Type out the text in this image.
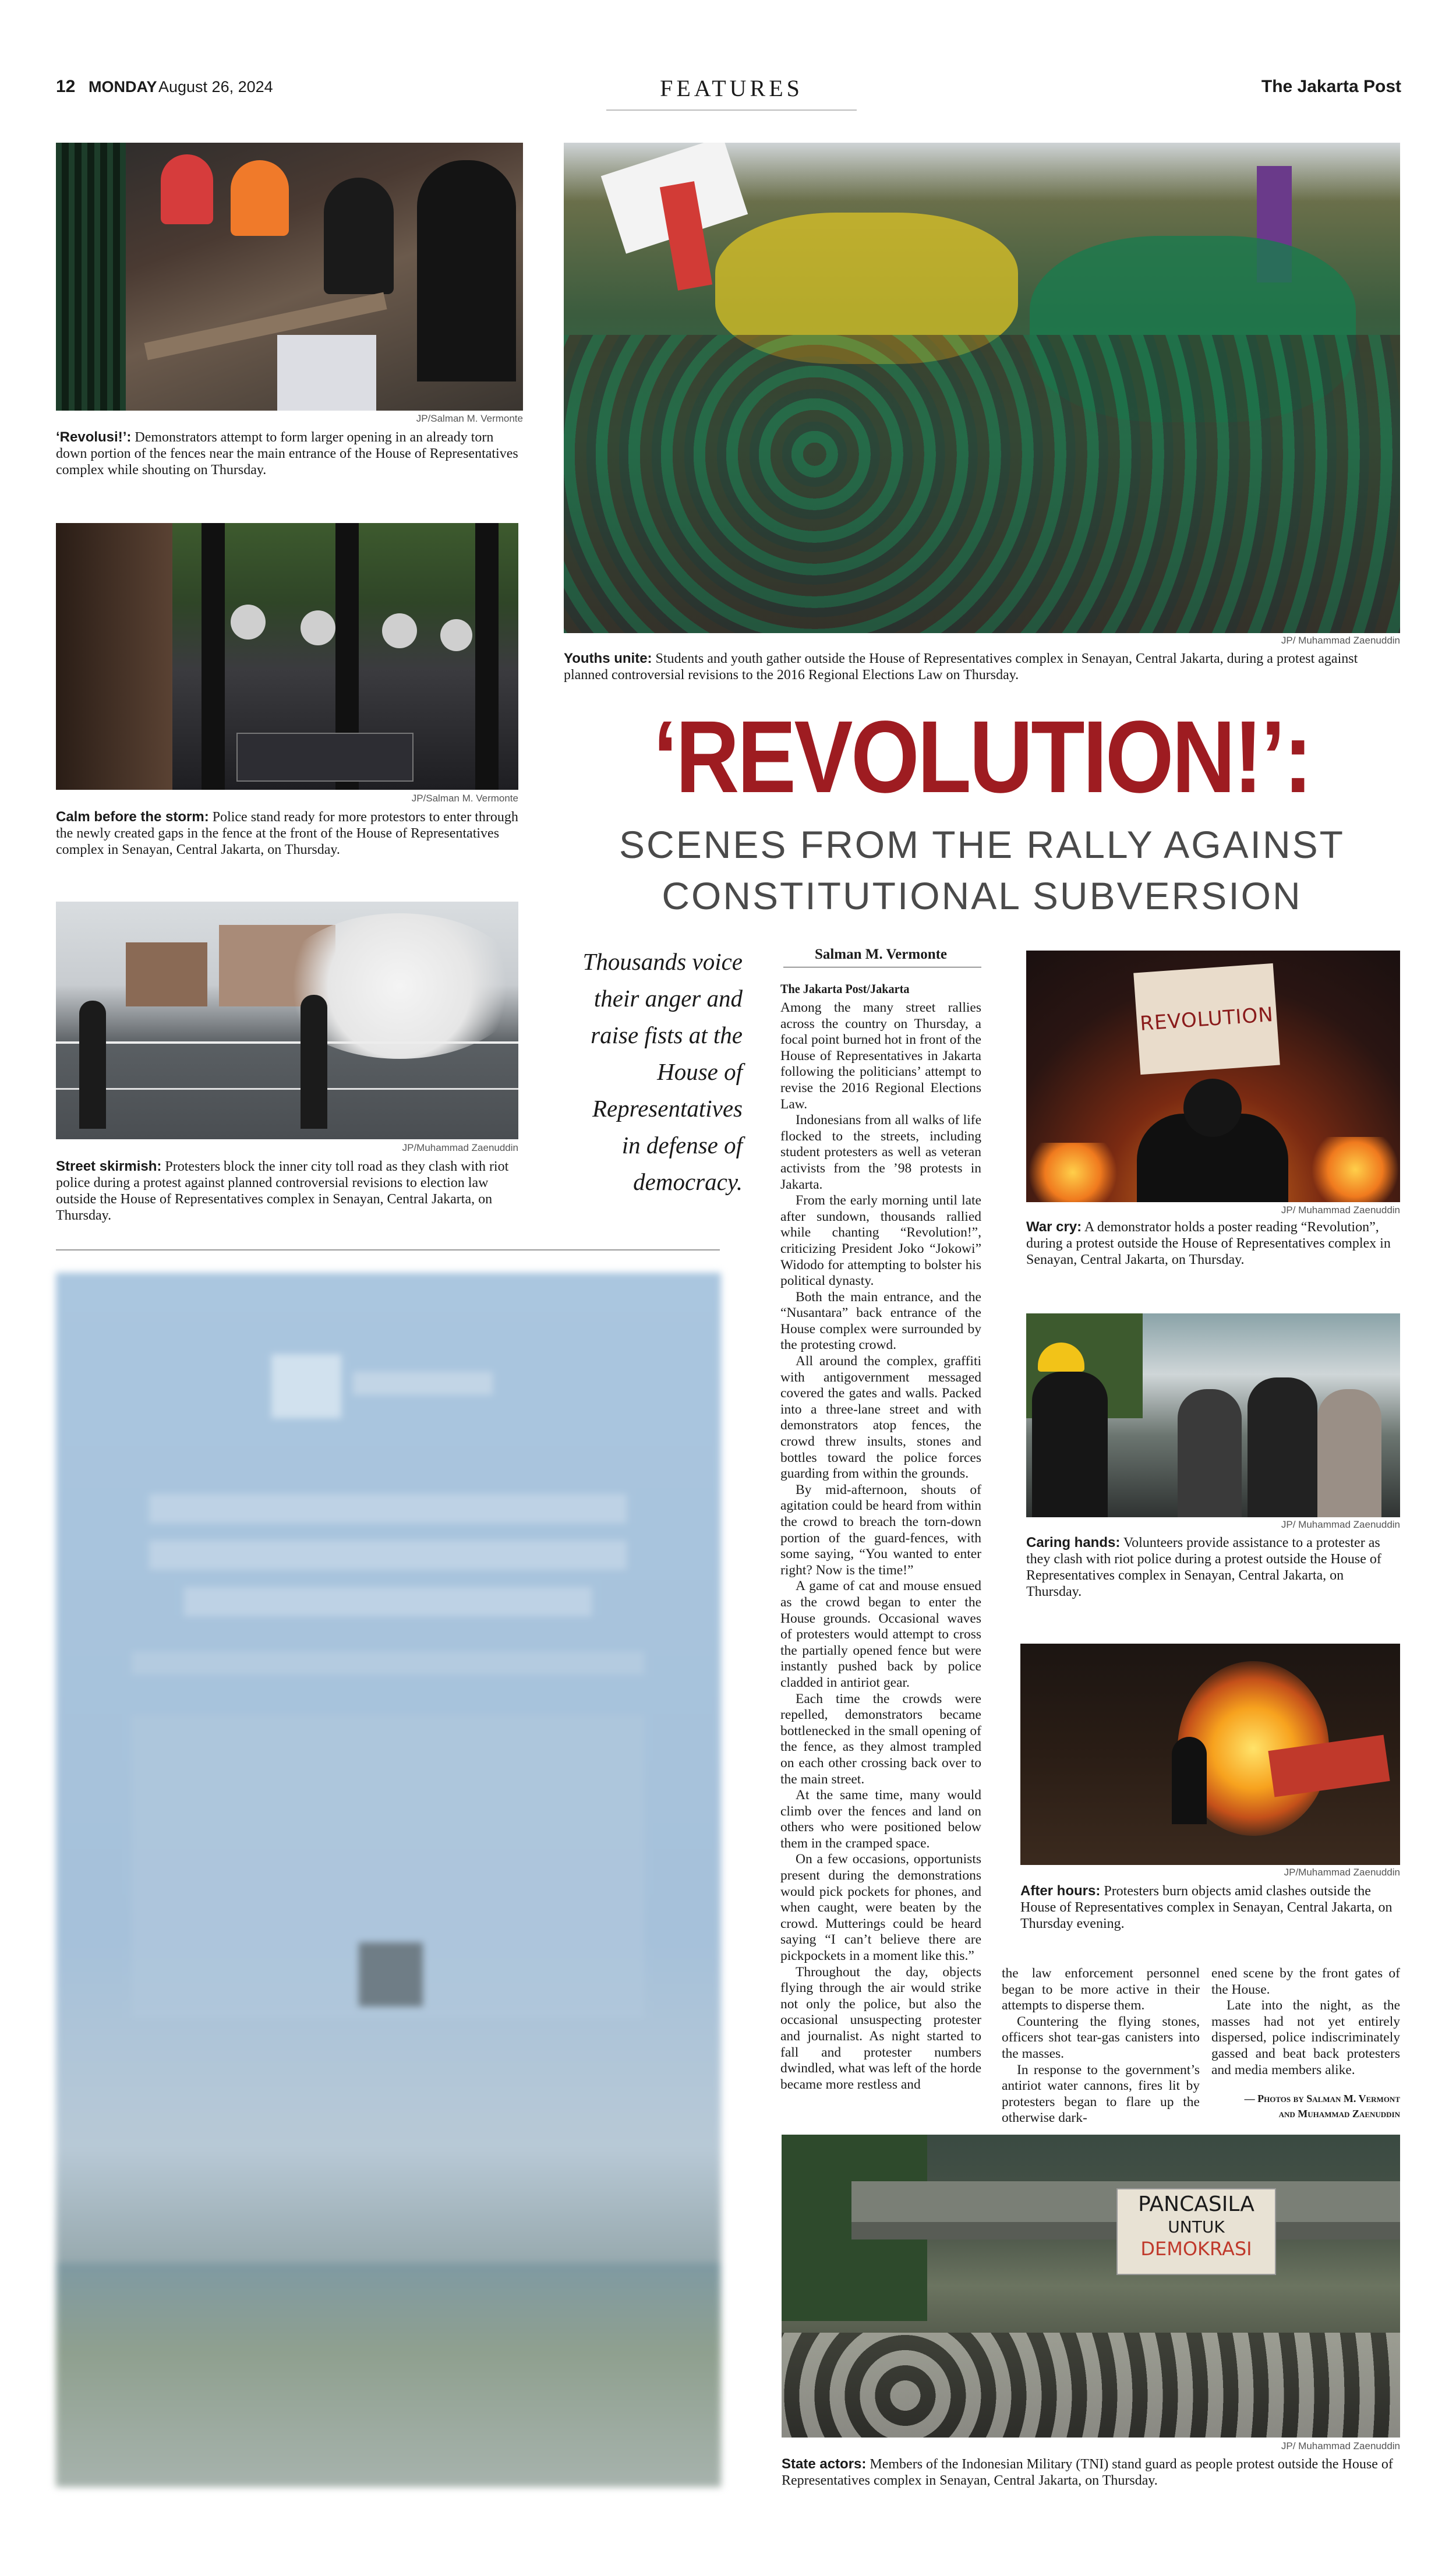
12 MONDAY August 26, 2024	FEATURES	The Jakarta Post
JP/Salman M. Vermonte
‘Revolusi!’: Demonstrators attempt to form larger opening in an already torn down portion of the fences near the main entrance of the House of Representatives complex while shouting on Thursday.
JP/Salman M. Vermonte
Calm before the storm: Police stand ready for more protestors to enter through the newly created gaps in the fence at the front of the House of Representatives complex in Senayan, Central Jakarta, on Thursday.
JP/Muhammad Zaenuddin
Street skirmish: Protesters block the inner city toll road as they clash with riot police during a protest against planned controversial revisions to election law outside the House of Representatives complex in Senayan, Central Jakarta, on Thursday.
JP/ Muhammad Zaenuddin
Youths unite: Students and youth gather outside the House of Representatives complex in Senayan, Central Jakarta, during a protest against planned controversial revisions to the 2016 Regional Elections Law on Thursday.
‘REVOLUTION!’:
SCENES FROM THE RALLY AGAINST
CONSTITUTIONAL SUBVERSION
Thousands voice their anger and raise fists at the House of Representatives in defense of democracy.
Salman M. Vermonte
The Jakarta Post/Jakarta

Among the many street rallies across the country on Thursday, a focal point burned hot in front of the House of Representatives in Jakarta following the politicians’ attempt to revise the 2016 Regional Elections Law.

Indonesians from all walks of life flocked to the streets, including student protesters as well as veteran activists from the ’98 protests in Jakarta.

From the early morning until late after sundown, thousands rallied while chanting “Revolution!”, criticizing President Joko “Jokowi” Widodo for attempting to bolster his political dynasty.

Both the main entrance, and the “Nusantara” back entrance of the House complex were surrounded by the protesting crowd.

All around the complex, graffiti with antigovernment messaged covered the gates and walls. Packed into a three-lane street and with demonstrators atop fences, the crowd threw insults, stones and bottles toward the police forces guarding from within the grounds.

By mid-afternoon, shouts of agitation could be heard from within the crowd to breach the torn-down portion of the guard-fences, with some saying, “You wanted to enter right? Now is the time!”

A game of cat and mouse ensued as the crowd began to enter the House grounds. Occasional waves of protesters would attempt to cross the partially opened fence but were instantly pushed back by police cladded in antiriot gear.

Each time the crowds were repelled, demonstrators became bottlenecked in the small opening of the fence, as they almost trampled on each other crossing back over to the main street.

At the same time, many would climb over the fences and land on others who were positioned below them in the cramped space.

On a few occasions, opportunists present during the demonstrations would pick pockets for phones, and when caught, were beaten by the crowd. Mutterings could be heard saying “I can’t believe there are pickpockets in a moment like this.”

Throughout the day, objects flying through the air would strike not only the police, but also the occasional unsuspecting protester and journalist. As night started to fall and protester numbers dwindled, what was left of the horde became more restless and

the law enforcement personnel began to be more active in their attempts to disperse them.

Countering the flying stones, officers shot tear-gas canisters into the masses.

In response to the government’s antiriot water cannons, fires lit by protesters began to flare up the otherwise dark-

ened scene by the front gates of the House.

Late into the night, as the masses had not yet entirely dispersed, police indiscriminately gassed and beat back protesters and media members alike.

— Photos by Salman M. Vermont
and Muhammad Zaenuddin
REVOLUTION
JP/ Muhammad Zaenuddin
War cry: A demonstrator holds a poster reading “Revolution”, during a protest outside the House of Representatives complex in Senayan, Central Jakarta, on Thursday.
JP/ Muhammad Zaenuddin
Caring hands: Volunteers provide assistance to a protester as they clash with riot police during a protest outside the House of Representatives complex in Senayan, Central Jakarta, on Thursday.
JP/Muhammad Zaenuddin
After hours: Protesters burn objects amid clashes outside the House of Representatives complex in Senayan, Central Jakarta, on Thursday evening.
PANCASILA
UNTUK
DEMOKRASI
JP/ Muhammad Zaenuddin
State actors: Members of the Indonesian Military (TNI) stand guard as people protest outside the House of Representatives complex in Senayan, Central Jakarta, on Thursday.
